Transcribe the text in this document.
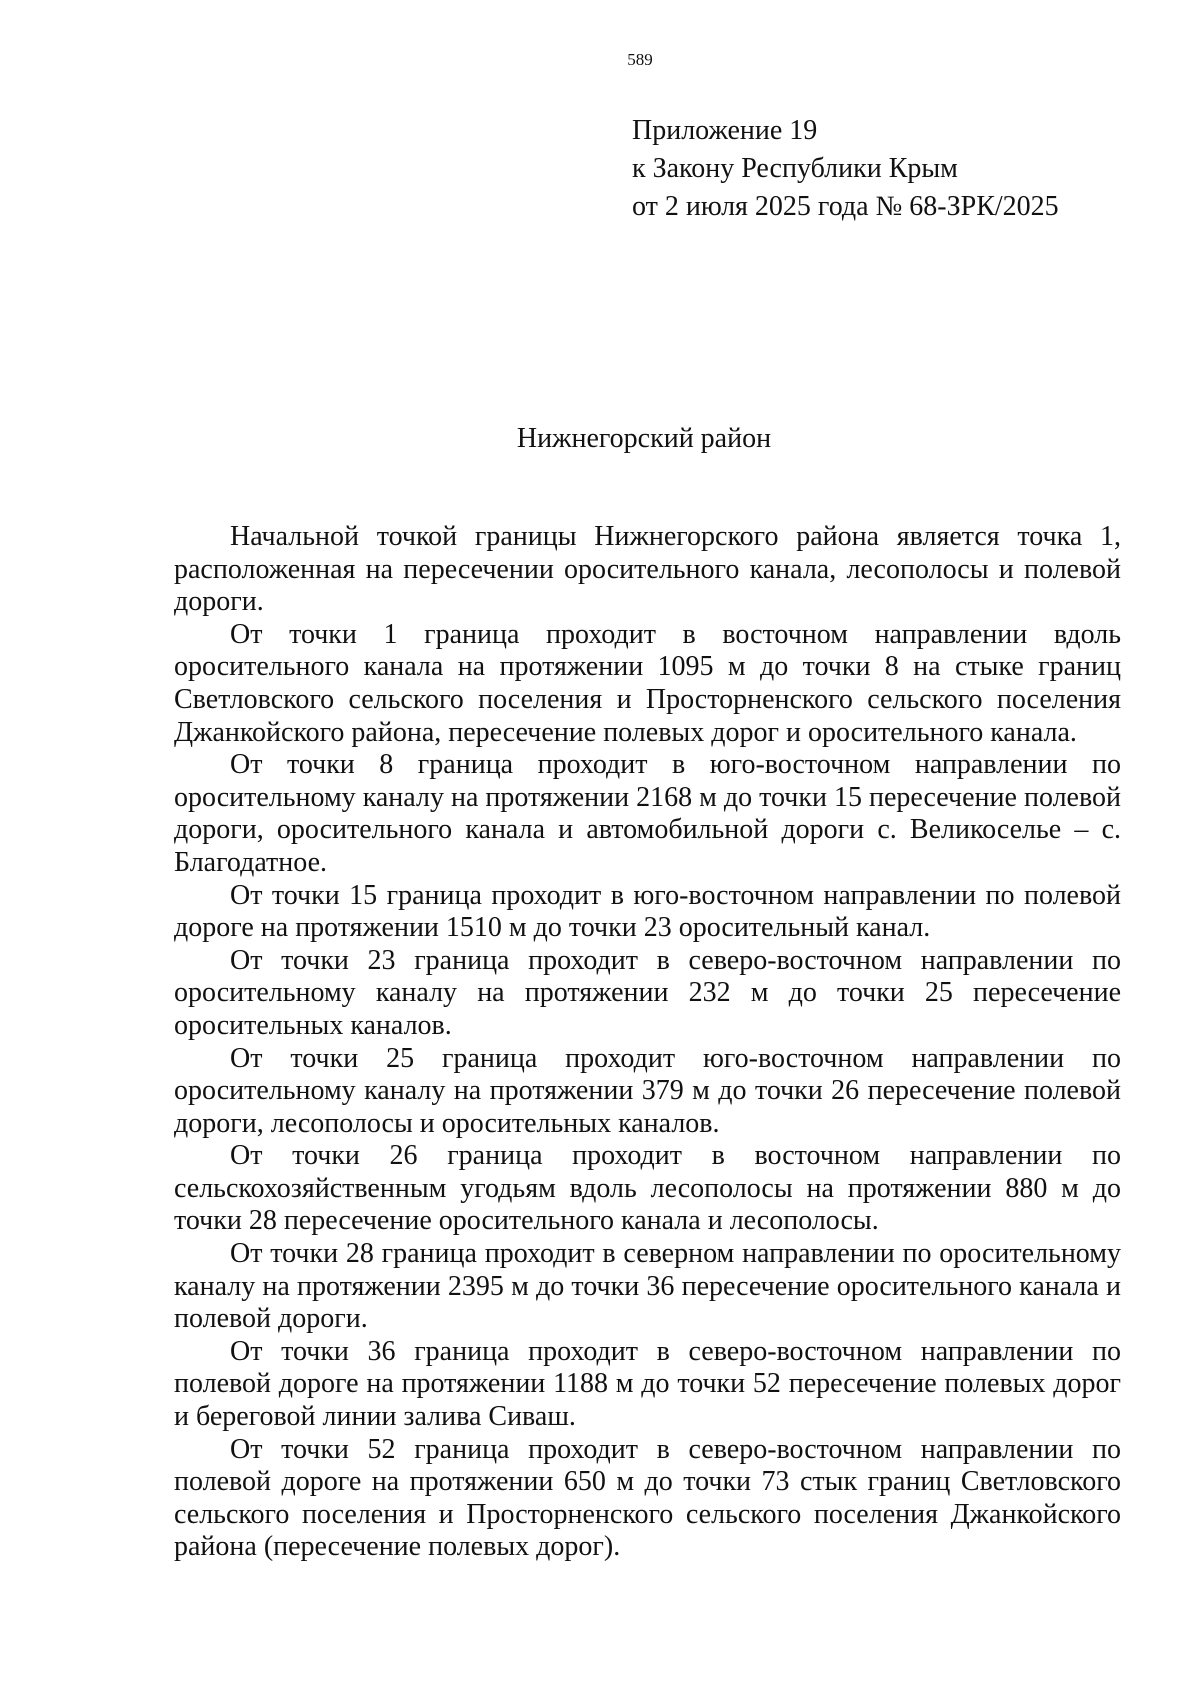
589
Приложение 19
к Закону Республики Крым
от 2 июля 2025 года № 68-ЗРК/2025
Нижнегорский район

Начальной точкой границы Нижнегорского района является точка 1, расположенная на пересечении оросительного канала, лесополосы и полевой дороги.

От точки 1 граница проходит в восточном направлении вдоль оросительного канала на протяжении 1095 м до точки 8 на стыке границ Светловского сельского поселения и Просторненского сельского поселения Джанкойского района, пересечение полевых дорог и оросительного канала.

От точки 8 граница проходит в юго-восточном направлении по оросительному каналу на протяжении 2168 м до точки 15 пересечение полевой дороги, оросительного канала и автомобильной дороги с. Великоселье – с. Благодатное.

От точки 15 граница проходит в юго-восточном направлении по полевой дороге на протяжении 1510 м до точки 23 оросительный канал.

От точки 23 граница проходит в северо-восточном направлении по оросительному каналу на протяжении 232 м до точки 25 пересечение оросительных каналов.

От точки 25 граница проходит юго-восточном направлении по оросительному каналу на протяжении 379 м до точки 26 пересечение полевой дороги, лесополосы и оросительных каналов.

От точки 26 граница проходит в восточном направлении по сельскохозяйственным угодьям вдоль лесополосы на протяжении 880 м до точки 28 пересечение оросительного канала и лесополосы.

От точки 28 граница проходит в северном направлении по оросительному каналу на протяжении 2395 м до точки 36 пересечение оросительного канала и полевой дороги.

От точки 36 граница проходит в северо-восточном направлении по полевой дороге на протяжении 1188 м до точки 52 пересечение полевых дорог и береговой линии залива Сиваш.

От точки 52 граница проходит в северо-восточном направлении по полевой дороге на протяжении 650 м до точки 73 стык границ Светловского сельского поселения и Просторненского сельского поселения Джанкойского района (пересечение полевых дорог).
